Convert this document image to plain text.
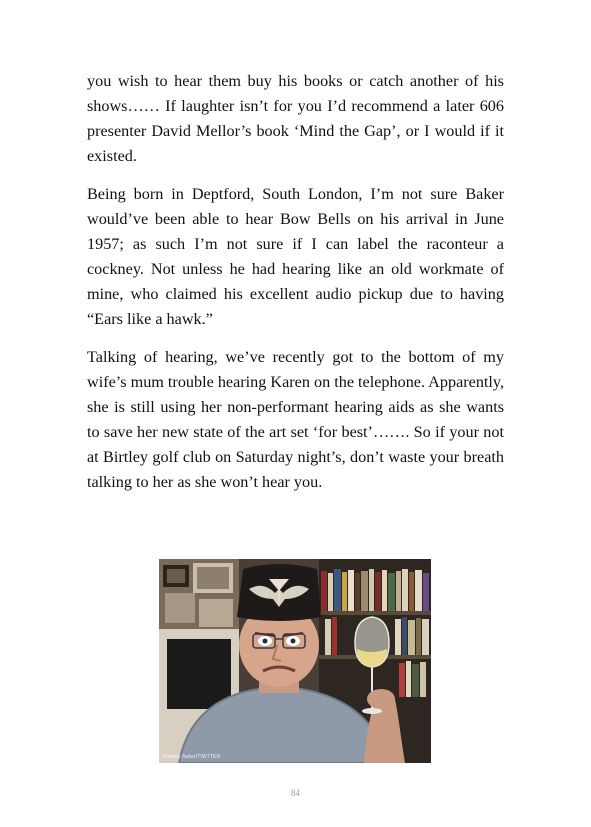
you wish to hear them buy his books or catch another of his shows…… If laughter isn’t for you I’d recommend a later 606 presenter David Mellor’s book ‘Mind the Gap’, or I would if it existed.

Being born in Deptford, South London, I’m not sure Baker would’ve been able to hear Bow Bells on his arrival in June 1957; as such I’m not sure if I can label the raconteur a cockney. Not unless he had hearing like an old workmate of mine, who claimed his excellent audio pickup due to having “Ears like a hawk.”

Talking of hearing, we’ve recently got to the bottom of my wife’s mum trouble hearing Karen on the telephone. Apparently, she is still using her non-performant hearing aids as she wants to save her new state of the art set ‘for best’……. So if your not at Birtley golf club on Saturday night’s, don’t waste your breath talking to her as she won’t hear you.

©Danny Baker/TWITTER
84
